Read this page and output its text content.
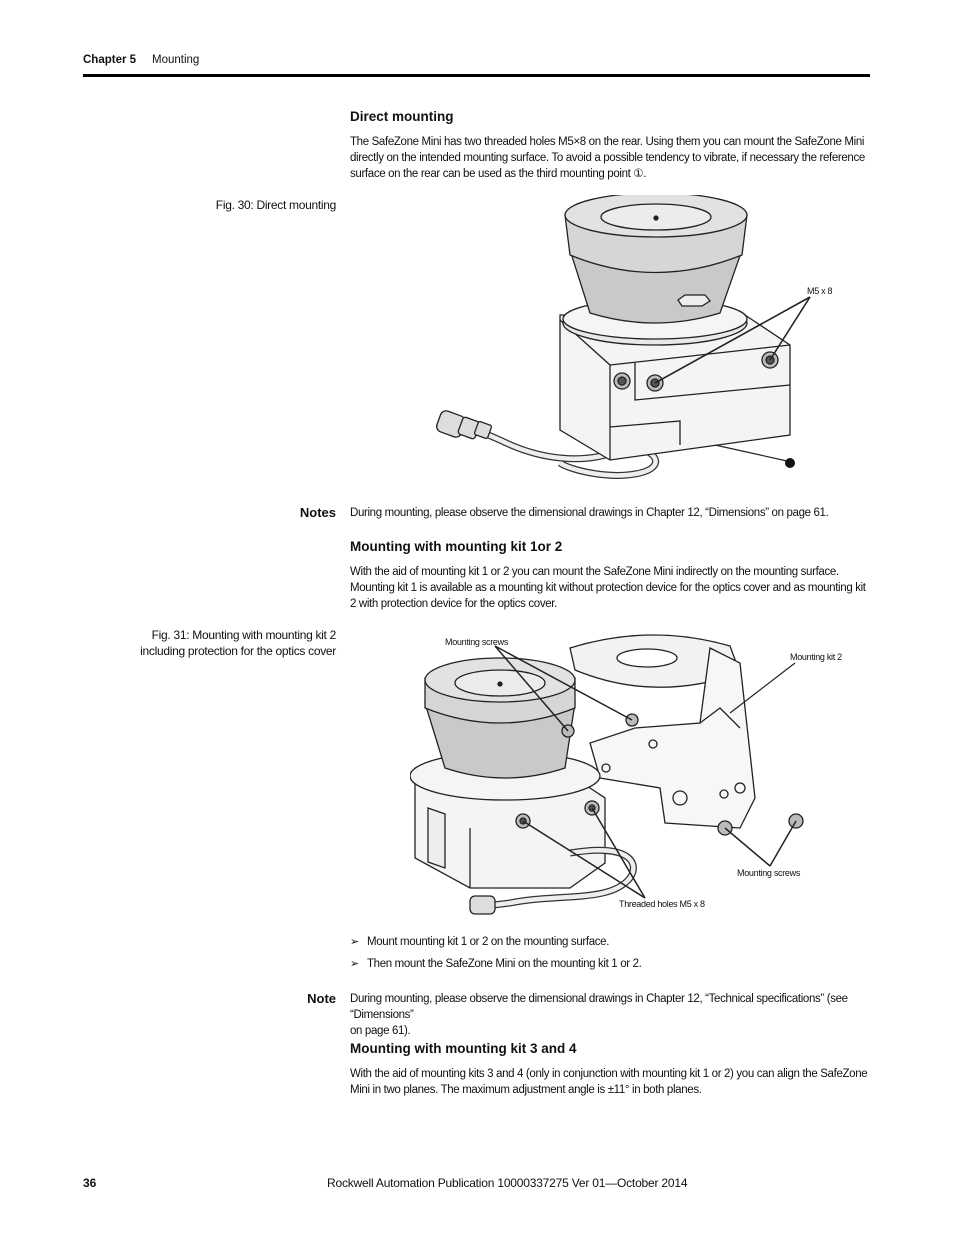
Chapter 5 Mounting
Direct mounting
The SafeZone Mini has two threaded holes M5×8 on the rear. Using them you can mount the SafeZone Mini directly on the intended mounting surface. To avoid a possible tendency to vibrate, if necessary the reference surface on the rear can be used as the third mounting point ①.
Fig. 30: Direct mounting
M5 x 8
Notes During mounting, please observe the dimensional drawings in Chapter 12, “Dimensions” on page 61.
Mounting with mounting kit 1or 2
With the aid of mounting kit 1 or 2 you can mount the SafeZone Mini indirectly on the mounting surface. Mounting kit 1 is available as a mounting kit without protection device for the optics cover and as mounting kit 2 with protection device for the optics cover.
Fig. 31: Mounting with mounting kit 2
including protection for the optics cover
Mounting screws
Mounting kit 2
Mounting screws
Threaded holes M5 x 8
➢ Mount mounting kit 1 or 2 on the mounting surface.
➢ Then mount the SafeZone Mini on the mounting kit 1 or 2.
Note During mounting, please observe the dimensional drawings in Chapter 12, “Technical specifications” (see “Dimensions”
on page 61).
Mounting with mounting kit 3 and 4
With the aid of mounting kits 3 and 4 (only in conjunction with mounting kit 1 or 2) you can align the SafeZone Mini in two planes. The maximum adjustment angle is ±11° in both planes.
36	Rockwell Automation Publication 10000337275 Ver 01—October 2014
